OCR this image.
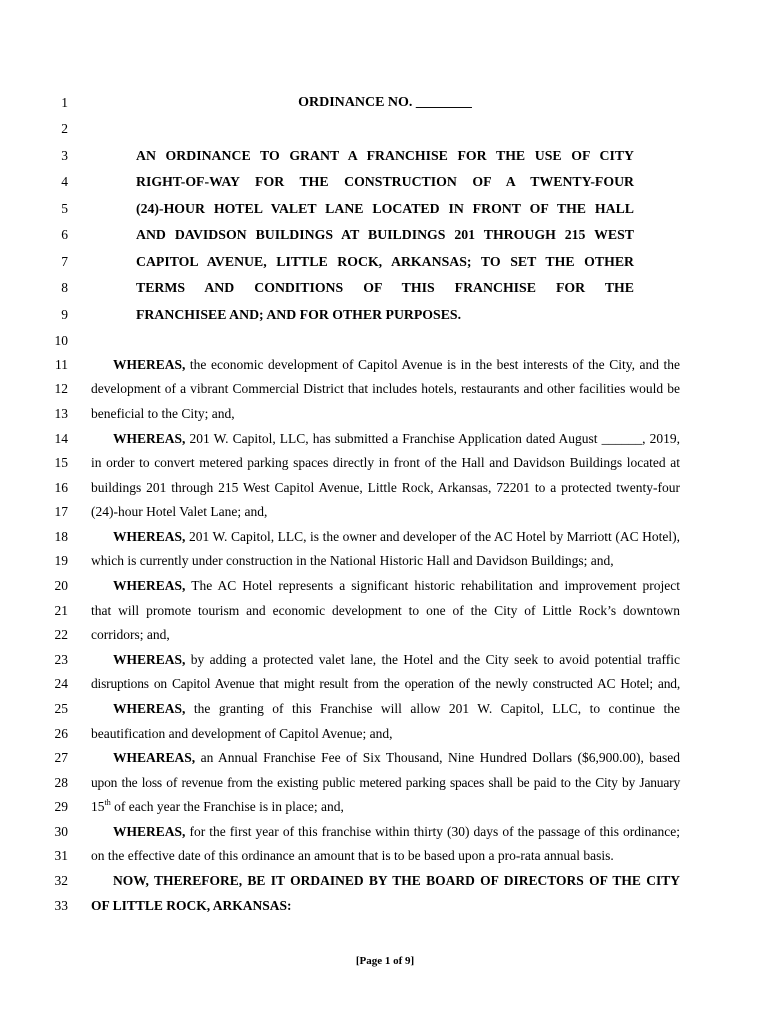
1
2
3
4
5
6
7
8
9
10
11
12
13
14
15
16
17
18
19
20
21
22
23
24
25
26
27
28
29
30
31
32
33
ORDINANCE NO. ________
AN ORDINANCE TO GRANT A FRANCHISE FOR THE USE OF CITY
RIGHT-OF-WAY FOR THE CONSTRUCTION OF A TWENTY-FOUR
(24)-HOUR HOTEL VALET LANE LOCATED IN FRONT OF THE HALL
AND DAVIDSON BUILDINGS AT BUILDINGS 201 THROUGH 215 WEST
CAPITOL AVENUE, LITTLE ROCK, ARKANSAS; TO SET THE OTHER
TERMS AND CONDITIONS OF THIS FRANCHISE FOR THE
FRANCHISEE AND; AND FOR OTHER PURPOSES.
WHEREAS, the economic development of Capitol Avenue is in the best interests of the City, and the
development of a vibrant Commercial District that includes hotels, restaurants and other facilities would be
beneficial to the City; and,
WHEREAS, 201 W. Capitol, LLC, has submitted a Franchise Application dated August ______, 2019,
in order to convert metered parking spaces directly in front of the Hall and Davidson Buildings located at
buildings 201 through 215 West Capitol Avenue, Little Rock, Arkansas, 72201 to a protected twenty-four
(24)-hour Hotel Valet Lane; and,
WHEREAS, 201 W. Capitol, LLC, is the owner and developer of the AC Hotel by Marriott (AC Hotel),
which is currently under construction in the National Historic Hall and Davidson Buildings; and,
WHEREAS, The AC Hotel represents a significant historic rehabilitation and improvement project
that will promote tourism and economic development to one of the City of Little Rock’s downtown
corridors; and,
WHEREAS, by adding a protected valet lane, the Hotel and the City seek to avoid potential traffic
disruptions on Capitol Avenue that might result from the operation of the newly constructed AC Hotel; and,
WHEREAS, the granting of this Franchise will allow 201 W. Capitol, LLC, to continue the
beautification and development of Capitol Avenue; and,
WHEAREAS, an Annual Franchise Fee of Six Thousand, Nine Hundred Dollars ($6,900.00), based
upon the loss of revenue from the existing public metered parking spaces shall be paid to the City by January
15th of each year the Franchise is in place; and,
WHEREAS, for the first year of this franchise within thirty (30) days of the passage of this ordinance;
on the effective date of this ordinance an amount that is to be based upon a pro-rata annual basis.
NOW, THEREFORE, BE IT ORDAINED BY THE BOARD OF DIRECTORS OF THE CITY
OF LITTLE ROCK, ARKANSAS:
[Page 1 of 9]
